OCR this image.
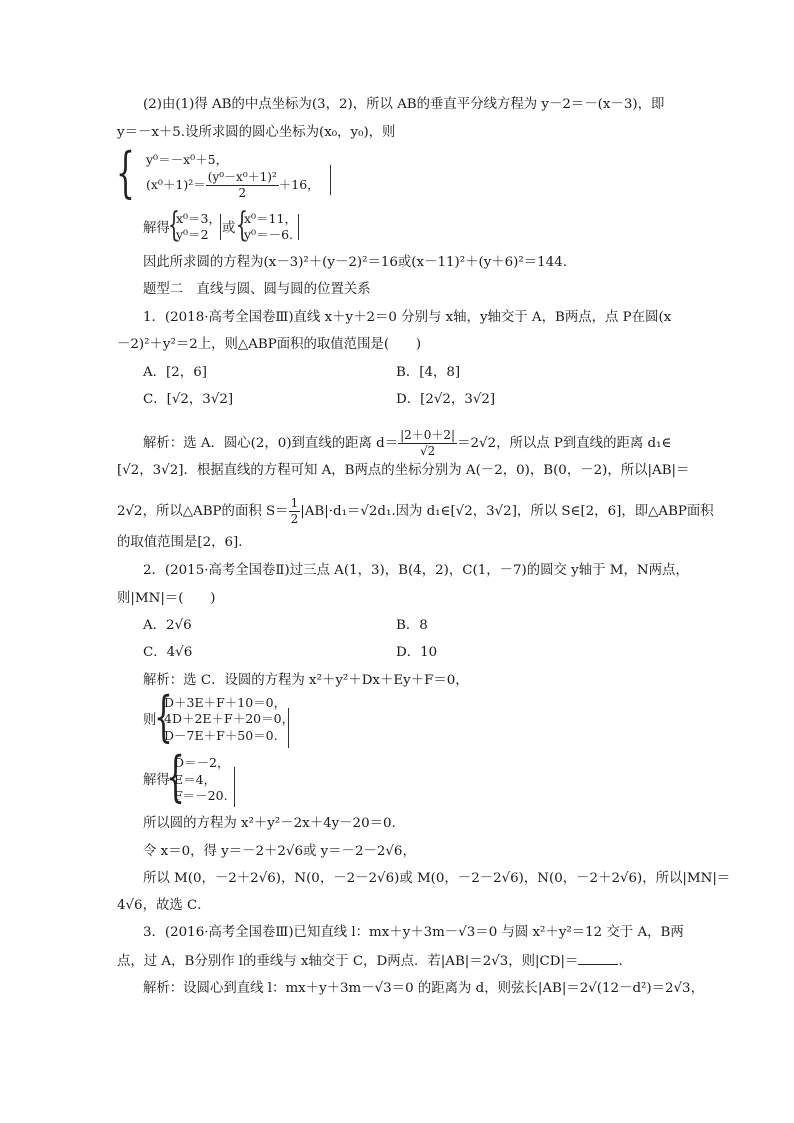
(2)由(1)得 AB的中点坐标为(3，2)，所以 AB的垂直平分线方程为 y－2＝－(x－3)，即
y＝－x＋5.设所求圆的圆心坐标为(x₀，y₀)，则
{ y⁰＝－x⁰＋5，
$(x^0+1)^2= \frac{\text{(y⁰－x⁰＋1)²}}{2} +16$，
解得
{
x⁰＝3，
y⁰＝2 或 {
x⁰＝11，
y⁰＝－6.
因此所求圆的方程为(x－3)²＋(y－2)²＝16或(x－11)²＋(y＋6)²＝144.
题型二　直线与圆、圆与圆的位置关系
1．(2018·高考全国卷Ⅲ)直线 x＋y＋2＝0 分别与 x轴，y轴交于 A，B两点，点 P在圆(x
－2)²＋y²＝2上，则△ABP面积的取值范围是(　　)
A．[2，6]	B．[4，8]
C．[√2，3√2]	D．[2√2，3√2]
解析：选 A．圆心(2，0)到直线的距离 $d= \frac{|2+0+2|}{√2} =2√2$，所以点 P到直线的距离 d₁∈
[√2，3√2]．根据直线的方程可知 A，B两点的坐标分别为 A(－2，0)，B(0，－2)，所以|AB|＝
2√2，所以△ABP的面积 $S= \frac{1}{2} |AB|\cdot d_1=√2d_1$.因为 d₁∈[√2，3√2]，所以 S∈[2，6]，即△ABP面积
的取值范围是[2，6]．
2．(2015·高考全国卷Ⅱ)过三点 A(1，3)，B(4，2)，C(1，－7)的圆交 y轴于 M，N两点，
则|MN|＝(　　)
A．2√6	B．8
C．4√6	D．10
解析：选 C．设圆的方程为 x²＋y²＋Dx＋Ey＋F＝0，
则
{
D＋3E＋F＋10＝0，
4D＋2E＋F＋20＝0，
D－7E＋F＋50＝0.
解得
{
D＝－2，
E＝4，
F＝－20.
所以圆的方程为 x²＋y²－2x＋4y－20＝0.
令 x＝0，得 y＝－2＋2√6或 y＝－2－2√6，
所以 M(0，－2＋2√6)，N(0，－2－2√6)或 M(0，－2－2√6)，N(0，－2＋2√6)，所以|MN|＝
4√6，故选 C．
3．(2016·高考全国卷Ⅲ)已知直线 l：mx＋y＋3m－√3＝0 与圆 x²＋y²＝12 交于 A，B两
点，过 A，B分别作 l的垂线与 x轴交于 C，D两点．若|AB|＝2√3，则|CD|＝	.
解析：设圆心到直线 l：mx＋y＋3m－√3＝0 的距离为 d，则弦长|AB|＝2√(12－d²)＝2√3，
